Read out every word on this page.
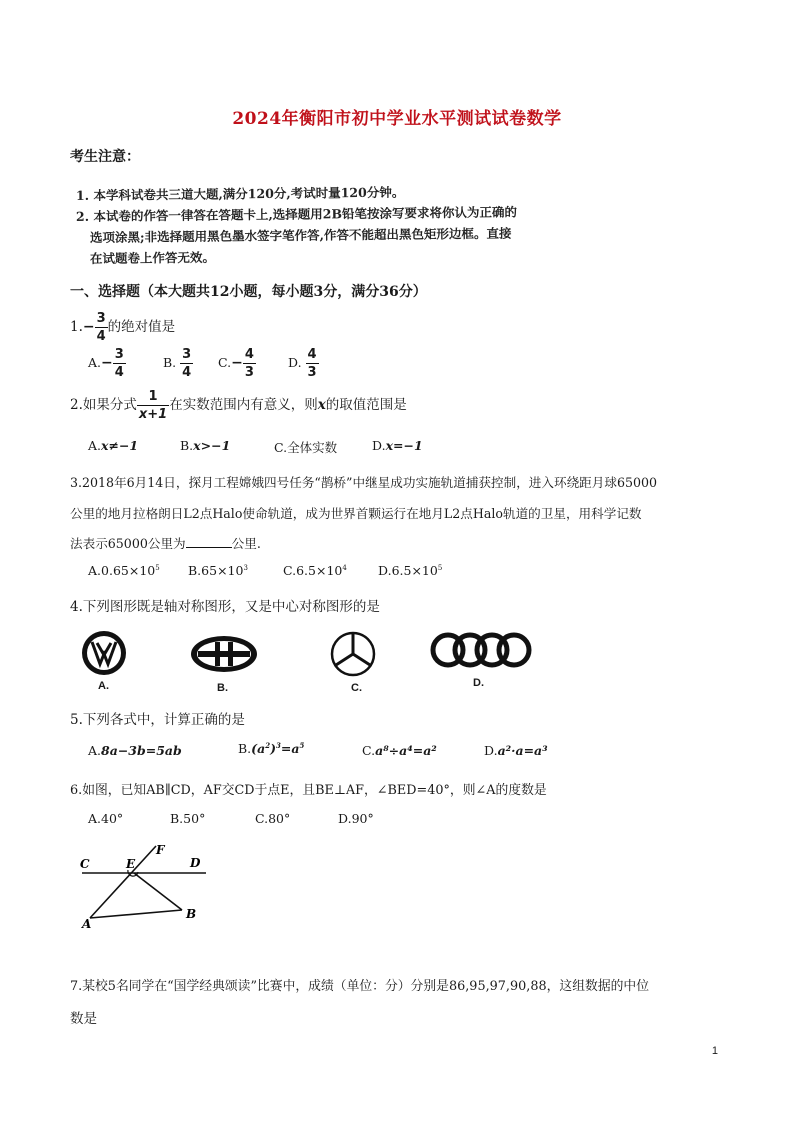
2024年衡阳市初中学业水平测试试卷数学
考生注意：
1. 本学科试卷共三道大题,满分120分,考试时量120分钟。
2. 本试卷的作答一律答在答题卡上,选择题用2B铅笔按涂写要求将你认为正确的
选项涂黑;非选择题用黑色墨水签字笔作答,作答不能超出黑色矩形边框。直接
在试题卷上作答无效。
一、选择题（本大题共12小题，每小题3分，满分36分）
$1.- \frac{3}{4}$ 的绝对值是
$A.- \frac{3}{4}$	B. $\frac{3}{4} C.- \frac{4}{3}$	D. $\frac{4}{3}$
2.如果分式 $\frac{1}{x+1}$ 在实数范围内有意义，则x的取值范围是
A.x≠−1	B.x>−1	C.全体实数	D.x=−1
3.2018年6月14日，探月工程嫦娥四号任务“鹊桥”中继星成功实施轨道捕获控制，进入环绕距月球65000
公里的地月拉格朗日L2点Halo使命轨道，成为世界首颗运行在地月L2点Halo轨道的卫星，用科学记数
法表示65000公里为	公里.
$A.0.65\times 10^5$ $B.65\times 10^3$	$C.6.5\times 10^4$ $D.6.5\times 10^5$
4.下列图形既是轴对称图形，又是中心对称图形的是
A.	B.	C.	D.
5.下列各式中，计算正确的是
A.8a−3b=5ab	$B.(a^2)^3=a^5$	C.a⁸÷a⁴=a²	D.a²·a=a³
6.如图，已知AB∥CD，AF交CD于点E，且BE⊥AF，∠BED=40°，则∠A的度数是
A.40°	B.50°	C.80°	D.90°
C	E
F
D
A
B
7.某校5名同学在“国学经典颂读”比赛中，成绩（单位：分）分别是86,95,97,90,88，这组数据的中位
数是
1
